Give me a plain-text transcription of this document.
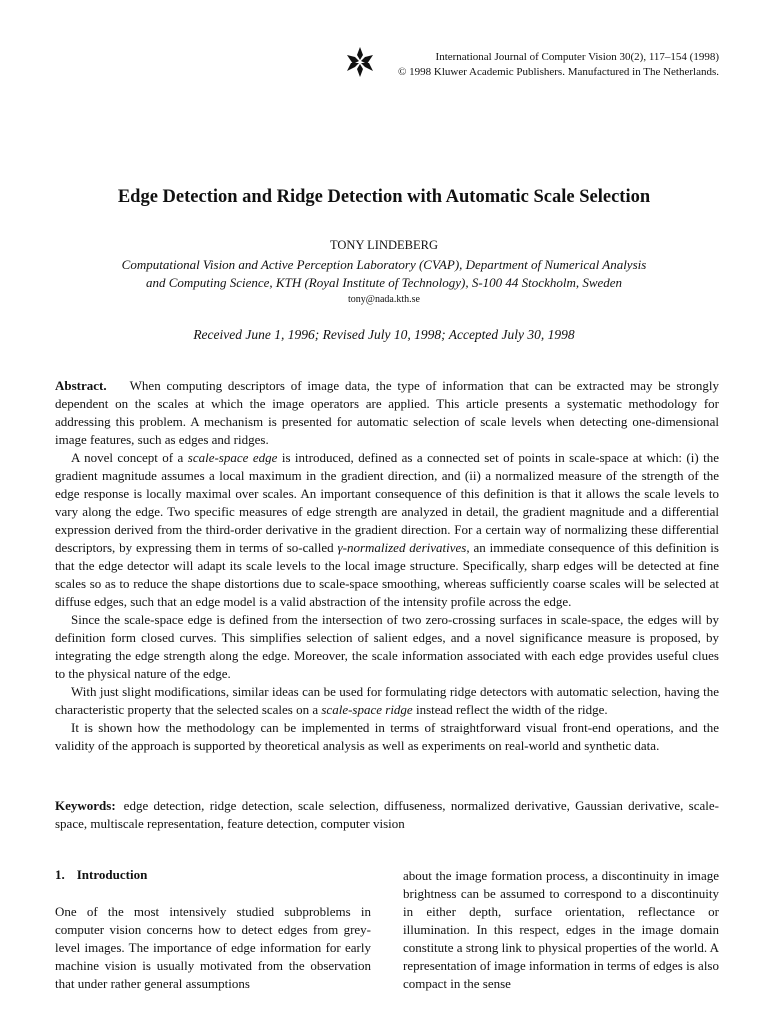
International Journal of Computer Vision 30(2), 117–154 (1998)
© 1998 Kluwer Academic Publishers. Manufactured in The Netherlands.
Edge Detection and Ridge Detection with Automatic Scale Selection
TONY LINDEBERG
Computational Vision and Active Perception Laboratory (CVAP), Department of Numerical Analysis
and Computing Science, KTH (Royal Institute of Technology), S-100 44 Stockholm, Sweden
tony@nada.kth.se
Received June 1, 1996; Revised July 10, 1998; Accepted July 30, 1998

Abstract. When computing descriptors of image data, the type of information that can be extracted may be strongly dependent on the scales at which the image operators are applied. This article presents a systematic methodology for addressing this problem. A mechanism is presented for automatic selection of scale levels when detecting one-dimensional image features, such as edges and ridges.

A novel concept of a scale-space edge is introduced, defined as a connected set of points in scale-space at which: (i) the gradient magnitude assumes a local maximum in the gradient direction, and (ii) a normalized measure of the strength of the edge response is locally maximal over scales. An important consequence of this definition is that it allows the scale levels to vary along the edge. Two specific measures of edge strength are analyzed in detail, the gradient magnitude and a differential expression derived from the third-order derivative in the gradient direction. For a certain way of normalizing these differential descriptors, by expressing them in terms of so-called γ-normalized derivatives, an immediate consequence of this definition is that the edge detector will adapt its scale levels to the local image structure. Specifically, sharp edges will be detected at fine scales so as to reduce the shape distortions due to scale-space smoothing, whereas sufficiently coarse scales will be selected at diffuse edges, such that an edge model is a valid abstraction of the intensity profile across the edge.

Since the scale-space edge is defined from the intersection of two zero-crossing surfaces in scale-space, the edges will by definition form closed curves. This simplifies selection of salient edges, and a novel significance measure is proposed, by integrating the edge strength along the edge. Moreover, the scale information associated with each edge provides useful clues to the physical nature of the edge.

With just slight modifications, similar ideas can be used for formulating ridge detectors with automatic selection, having the characteristic property that the selected scales on a scale-space ridge instead reflect the width of the ridge.

It is shown how the methodology can be implemented in terms of straightforward visual front-end operations, and the validity of the approach is supported by theoretical analysis as well as experiments on real-world and synthetic data.

Keywords: edge detection, ridge detection, scale selection, diffuseness, normalized derivative, Gaussian derivative, scale-space, multiscale representation, feature detection, computer vision
1. Introduction
One of the most intensively studied subproblems in computer vision concerns how to detect edges from grey-level images. The importance of edge information for early machine vision is usually motivated from the observation that under rather general assumptions
about the image formation process, a discontinuity in image brightness can be assumed to correspond to a discontinuity in either depth, surface orientation, reflectance or illumination. In this respect, edges in the image domain constitute a strong link to physical properties of the world. A representation of image information in terms of edges is also compact in the sense
